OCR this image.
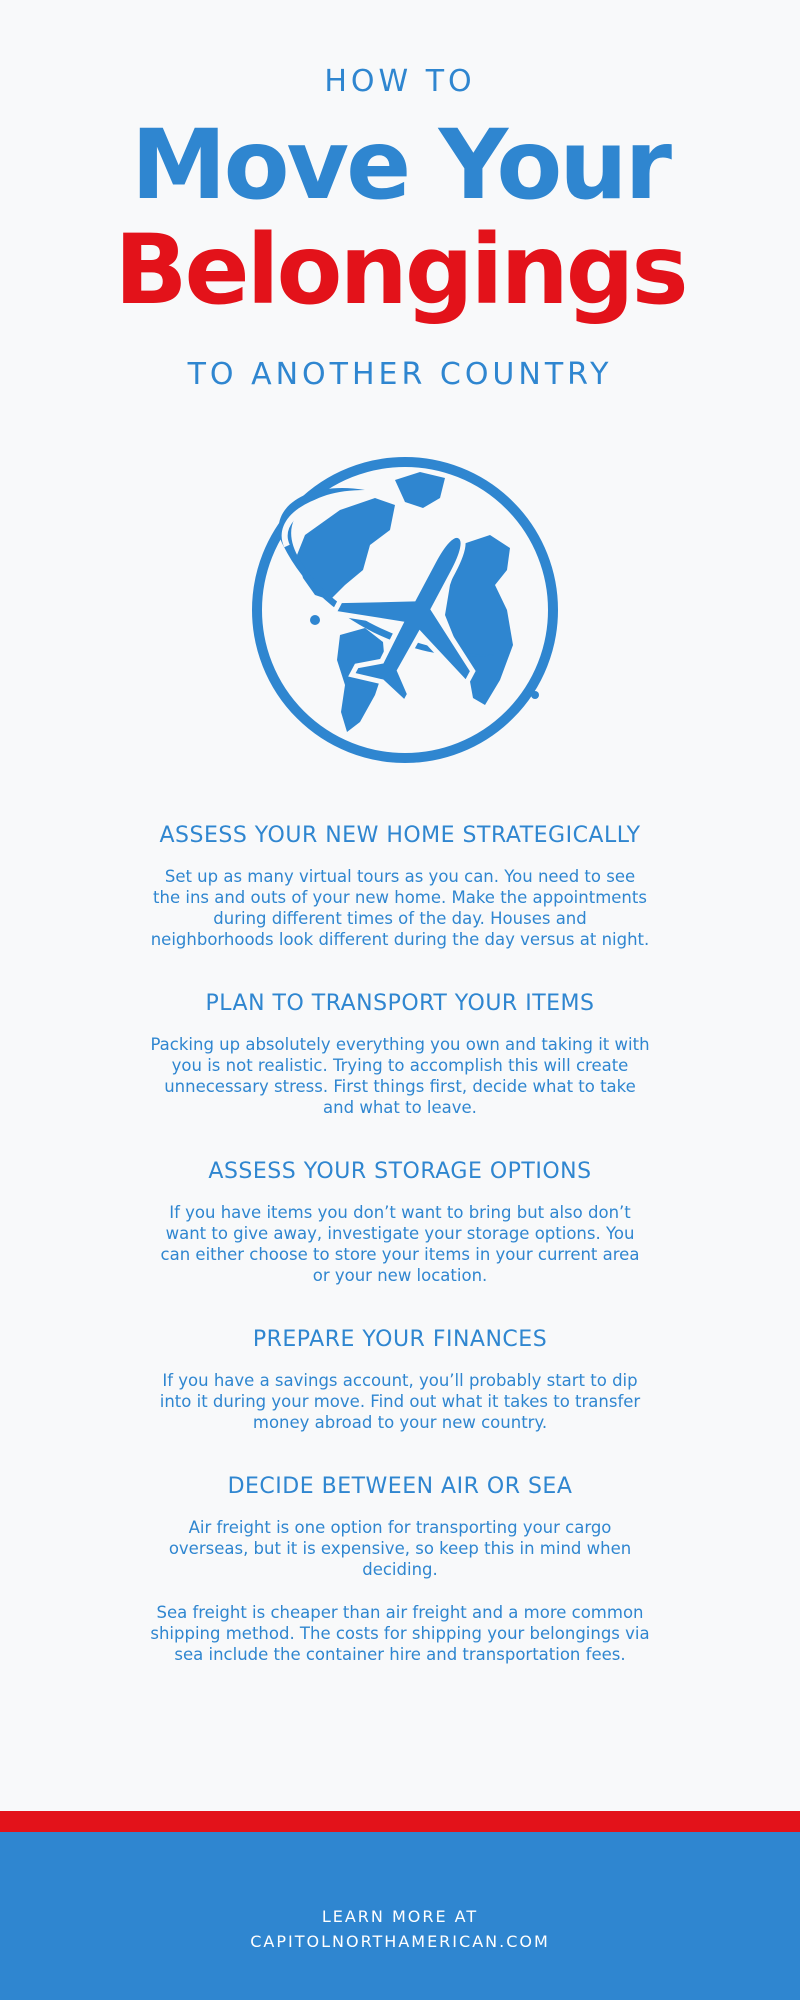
HOW TO
Move Your
Belongings
TO ANOTHER COUNTRY
ASSESS YOUR NEW HOME STRATEGICALLY

Set up as many virtual tours as you can. You need to see the ins and outs of your new home. Make the appointments during different times of the day. Houses and neighborhoods look different during the day versus at night.

PLAN TO TRANSPORT YOUR ITEMS

Packing up absolutely everything you own and taking it with you is not realistic. Trying to accomplish this will create unnecessary stress. First things first, decide what to take and what to leave.

ASSESS YOUR STORAGE OPTIONS

If you have items you don’t want to bring but also don’t want to give away, investigate your storage options. You can either choose to store your items in your current area or your new location.

PREPARE YOUR FINANCES

If you have a savings account, you’ll probably start to dip into it during your move. Find out what it takes to transfer money abroad to your new country.

DECIDE BETWEEN AIR OR SEA

Air freight is one option for transporting your cargo overseas, but it is expensive, so keep this in mind when deciding.

Sea freight is cheaper than air freight and a more common shipping method. The costs for shipping your belongings via sea include the container hire and transportation fees.

LEARN MORE AT
CAPITOLNORTHAMERICAN.COM
